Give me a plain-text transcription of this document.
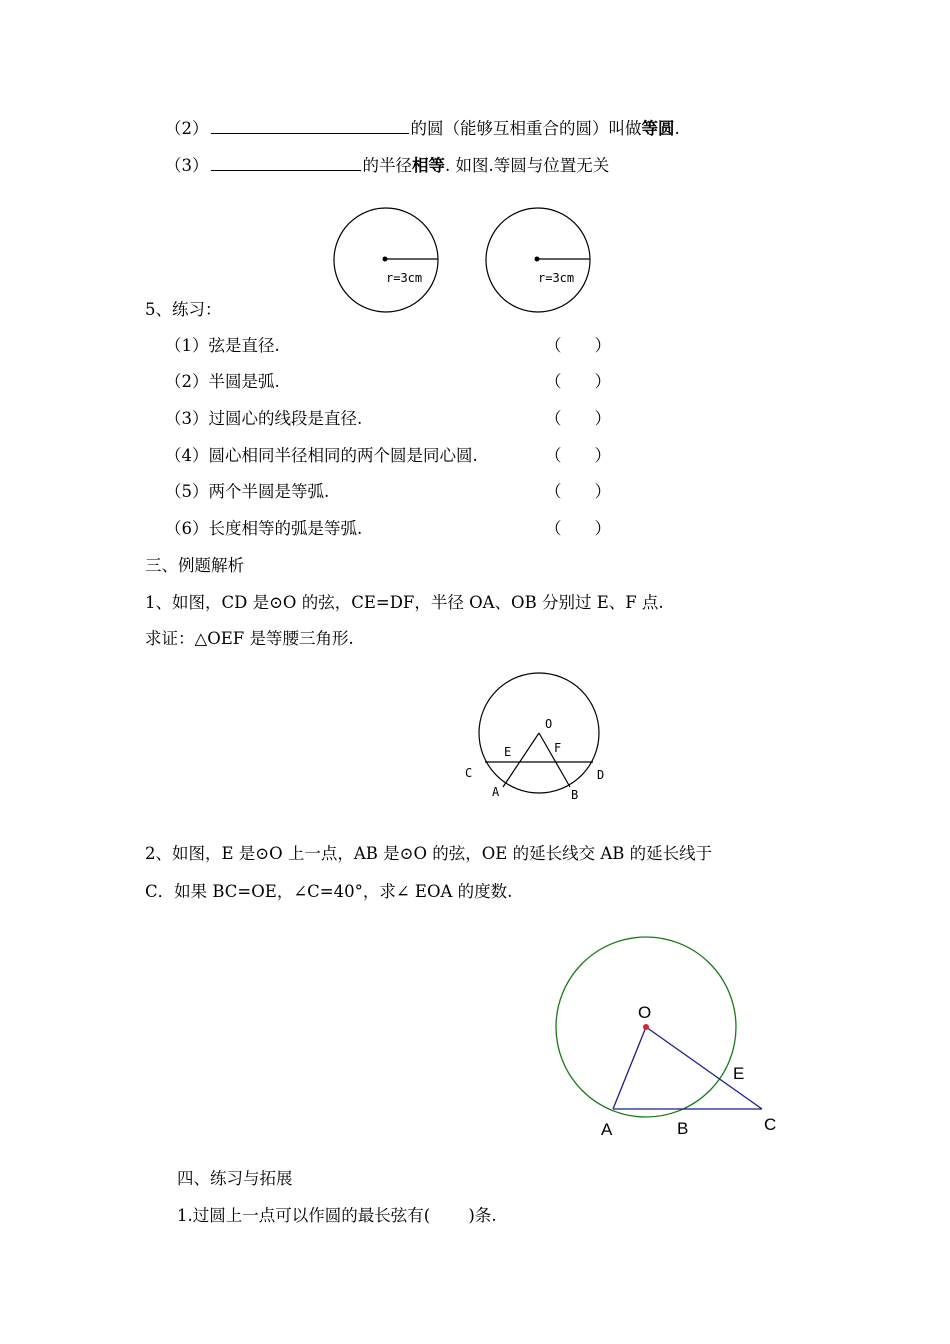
（2）	的圆（能够互相重合的圆）叫做等圆.
（3）	的半径相等. 如图.等圆与位置无关
r=3cm	r=3cm
5、练习：
（1）弦是直径.	（　　）
（2）半圆是弧.	（　　）
（3）过圆心的线段是直径.	（　　）
（4）圆心相同半径相同的两个圆是同心圆.	（　　）
（5）两个半圆是等弧.	（　　）
（6）长度相等的弧是等弧.	（　　）
三、例题解析
1、如图，CD 是⊙O 的弦，CE=DF，半径 OA、OB 分别过 E、F 点.
求证：△OEF 是等腰三角形.
O
E	F
C	D
A	B
2、如图，E 是⊙O 上一点，AB 是⊙O 的弦，OE 的延长线交 AB 的延长线于
C．如果 BC=OE，∠C=40°，求∠ EOA 的度数.
O
E
A	B	C
四、练习与拓展
1.过圆上一点可以作圆的最长弦有(　　 )条.
